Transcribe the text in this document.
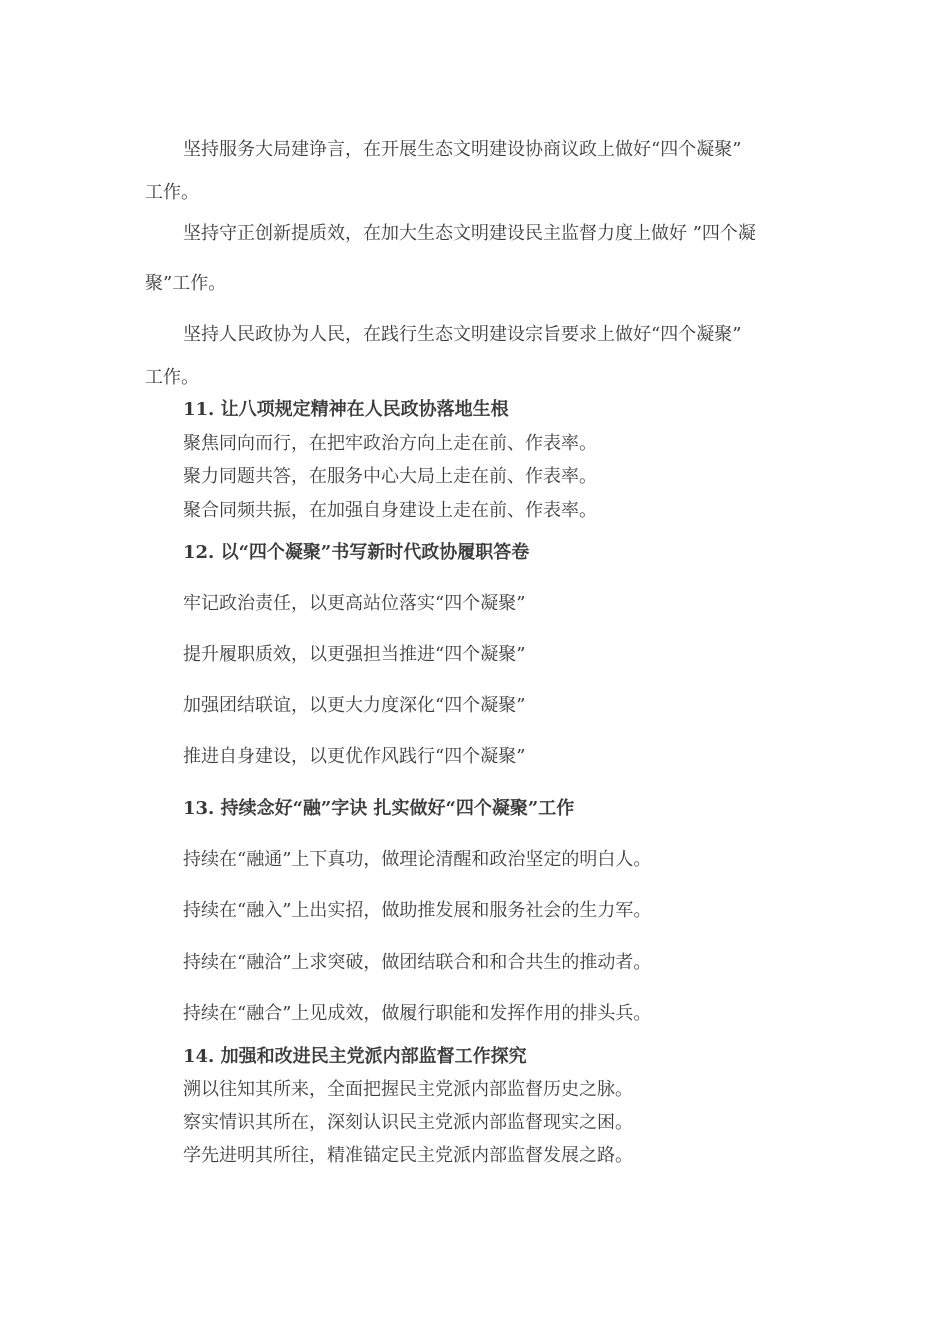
坚持服务大局建诤言，在开展生态文明建设协商议政上做好“四个凝聚”
工作。
坚持守正创新提质效，在加大生态文明建设民主监督力度上做好 ”四个凝
聚”工作。
坚持人民政协为人民，在践行生态文明建设宗旨要求上做好“四个凝聚”
工作。
11. 让八项规定精神在人民政协落地生根
聚焦同向而行，在把牢政治方向上走在前、作表率。
聚力同题共答，在服务中心大局上走在前、作表率。
聚合同频共振，在加强自身建设上走在前、作表率。
12. 以“四个凝聚”书写新时代政协履职答卷
牢记政治责任，以更高站位落实“四个凝聚”
提升履职质效，以更强担当推进“四个凝聚”
加强团结联谊，以更大力度深化“四个凝聚”
推进自身建设，以更优作风践行“四个凝聚”
13. 持续念好“融”字诀 扎实做好“四个凝聚”工作
持续在“融通”上下真功，做理论清醒和政治坚定的明白人。
持续在“融入”上出实招，做助推发展和服务社会的生力军。
持续在“融洽”上求突破，做团结联合和和合共生的推动者。
持续在“融合”上见成效，做履行职能和发挥作用的排头兵。
14. 加强和改进民主党派内部监督工作探究
溯以往知其所来，全面把握民主党派内部监督历史之脉。
察实情识其所在，深刻认识民主党派内部监督现实之困。
学先进明其所往，精准锚定民主党派内部监督发展之路。
